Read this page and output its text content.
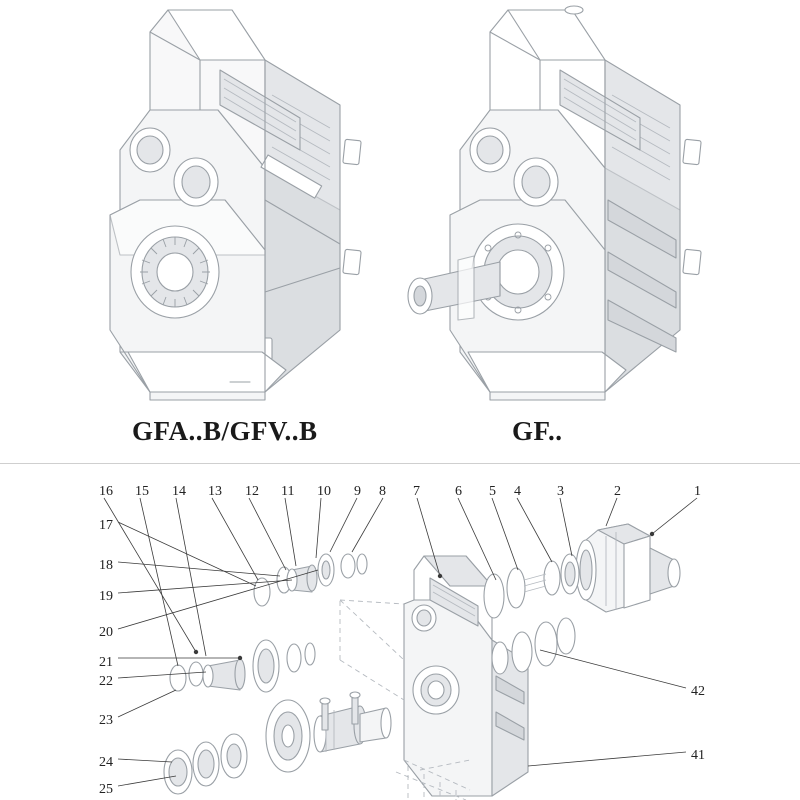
GFA..B/GFV..B	GF..
16 15 14 13 12 11 10 9 8 7	6 5 4	3	2	1
17
18
19
20
21
22
23
24
25
42
41
